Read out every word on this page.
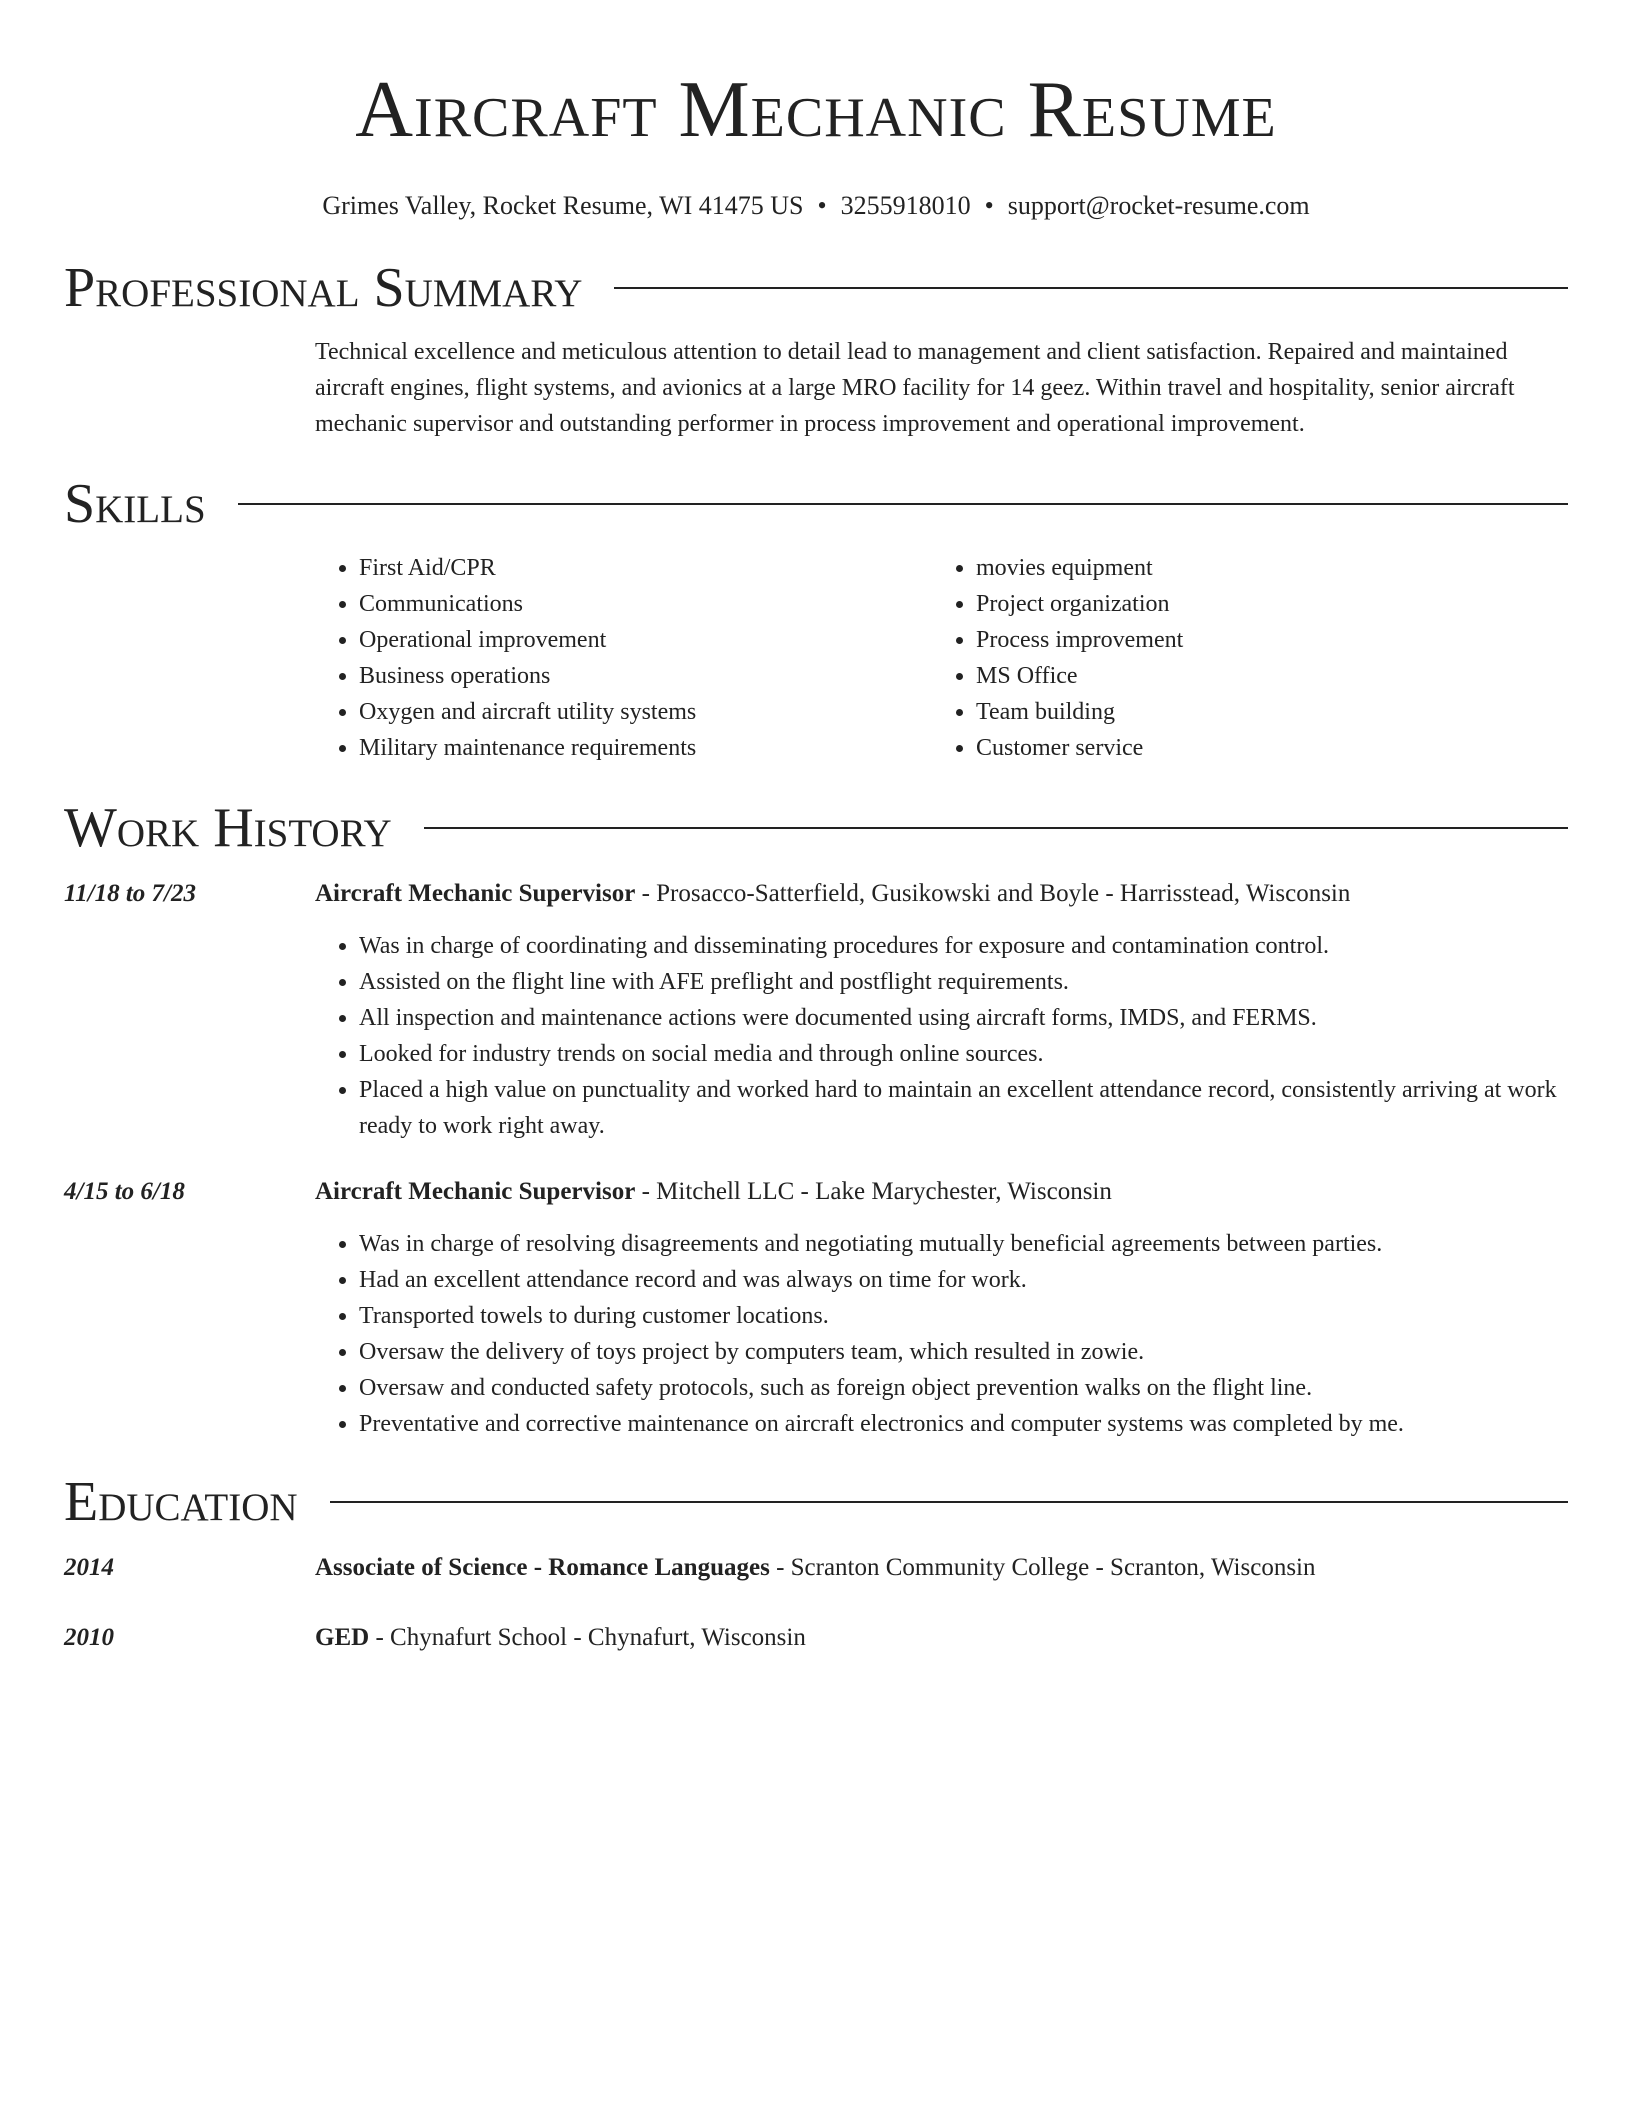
Aircraft Mechanic Resume
Grimes Valley, Rocket Resume, WI 41475 US • 3255918010 • support@rocket-resume.com
Professional Summary

Technical excellence and meticulous attention to detail lead to management and client satisfaction. Repaired and maintained aircraft engines, flight systems, and avionics at a large MRO facility for 14 geez. Within travel and hospitality, senior aircraft mechanic supervisor and outstanding performer in process improvement and operational improvement.

Skills
• First Aid/CPR
• Communications
• Operational improvement
• Business operations
• Oxygen and aircraft utility systems
• Military maintenance requirements
• movies equipment
• Project organization
• Process improvement
• MS Office
• Team building
• Customer service
Work History
11/18 to 7/23	Aircraft Mechanic Supervisor - Prosacco-Satterfield, Gusikowski and Boyle - Harrisstead, Wisconsin
• Was in charge of coordinating and disseminating procedures for exposure and contamination control.
• Assisted on the flight line with AFE preflight and postflight requirements.
• All inspection and maintenance actions were documented using aircraft forms, IMDS, and FERMS.
• Looked for industry trends on social media and through online sources.
• Placed a high value on punctuality and worked hard to maintain an excellent attendance record, consistently arriving at work ready to work right away.
4/15 to 6/18	Aircraft Mechanic Supervisor - Mitchell LLC - Lake Marychester, Wisconsin
• Was in charge of resolving disagreements and negotiating mutually beneficial agreements between parties.
• Had an excellent attendance record and was always on time for work.
• Transported towels to during customer locations.
• Oversaw the delivery of toys project by computers team, which resulted in zowie.
• Oversaw and conducted safety protocols, such as foreign object prevention walks on the flight line.
• Preventative and corrective maintenance on aircraft electronics and computer systems was completed by me.
Education
2014	Associate of Science - Romance Languages - Scranton Community College - Scranton, Wisconsin
2010	GED - Chynafurt School - Chynafurt, Wisconsin
